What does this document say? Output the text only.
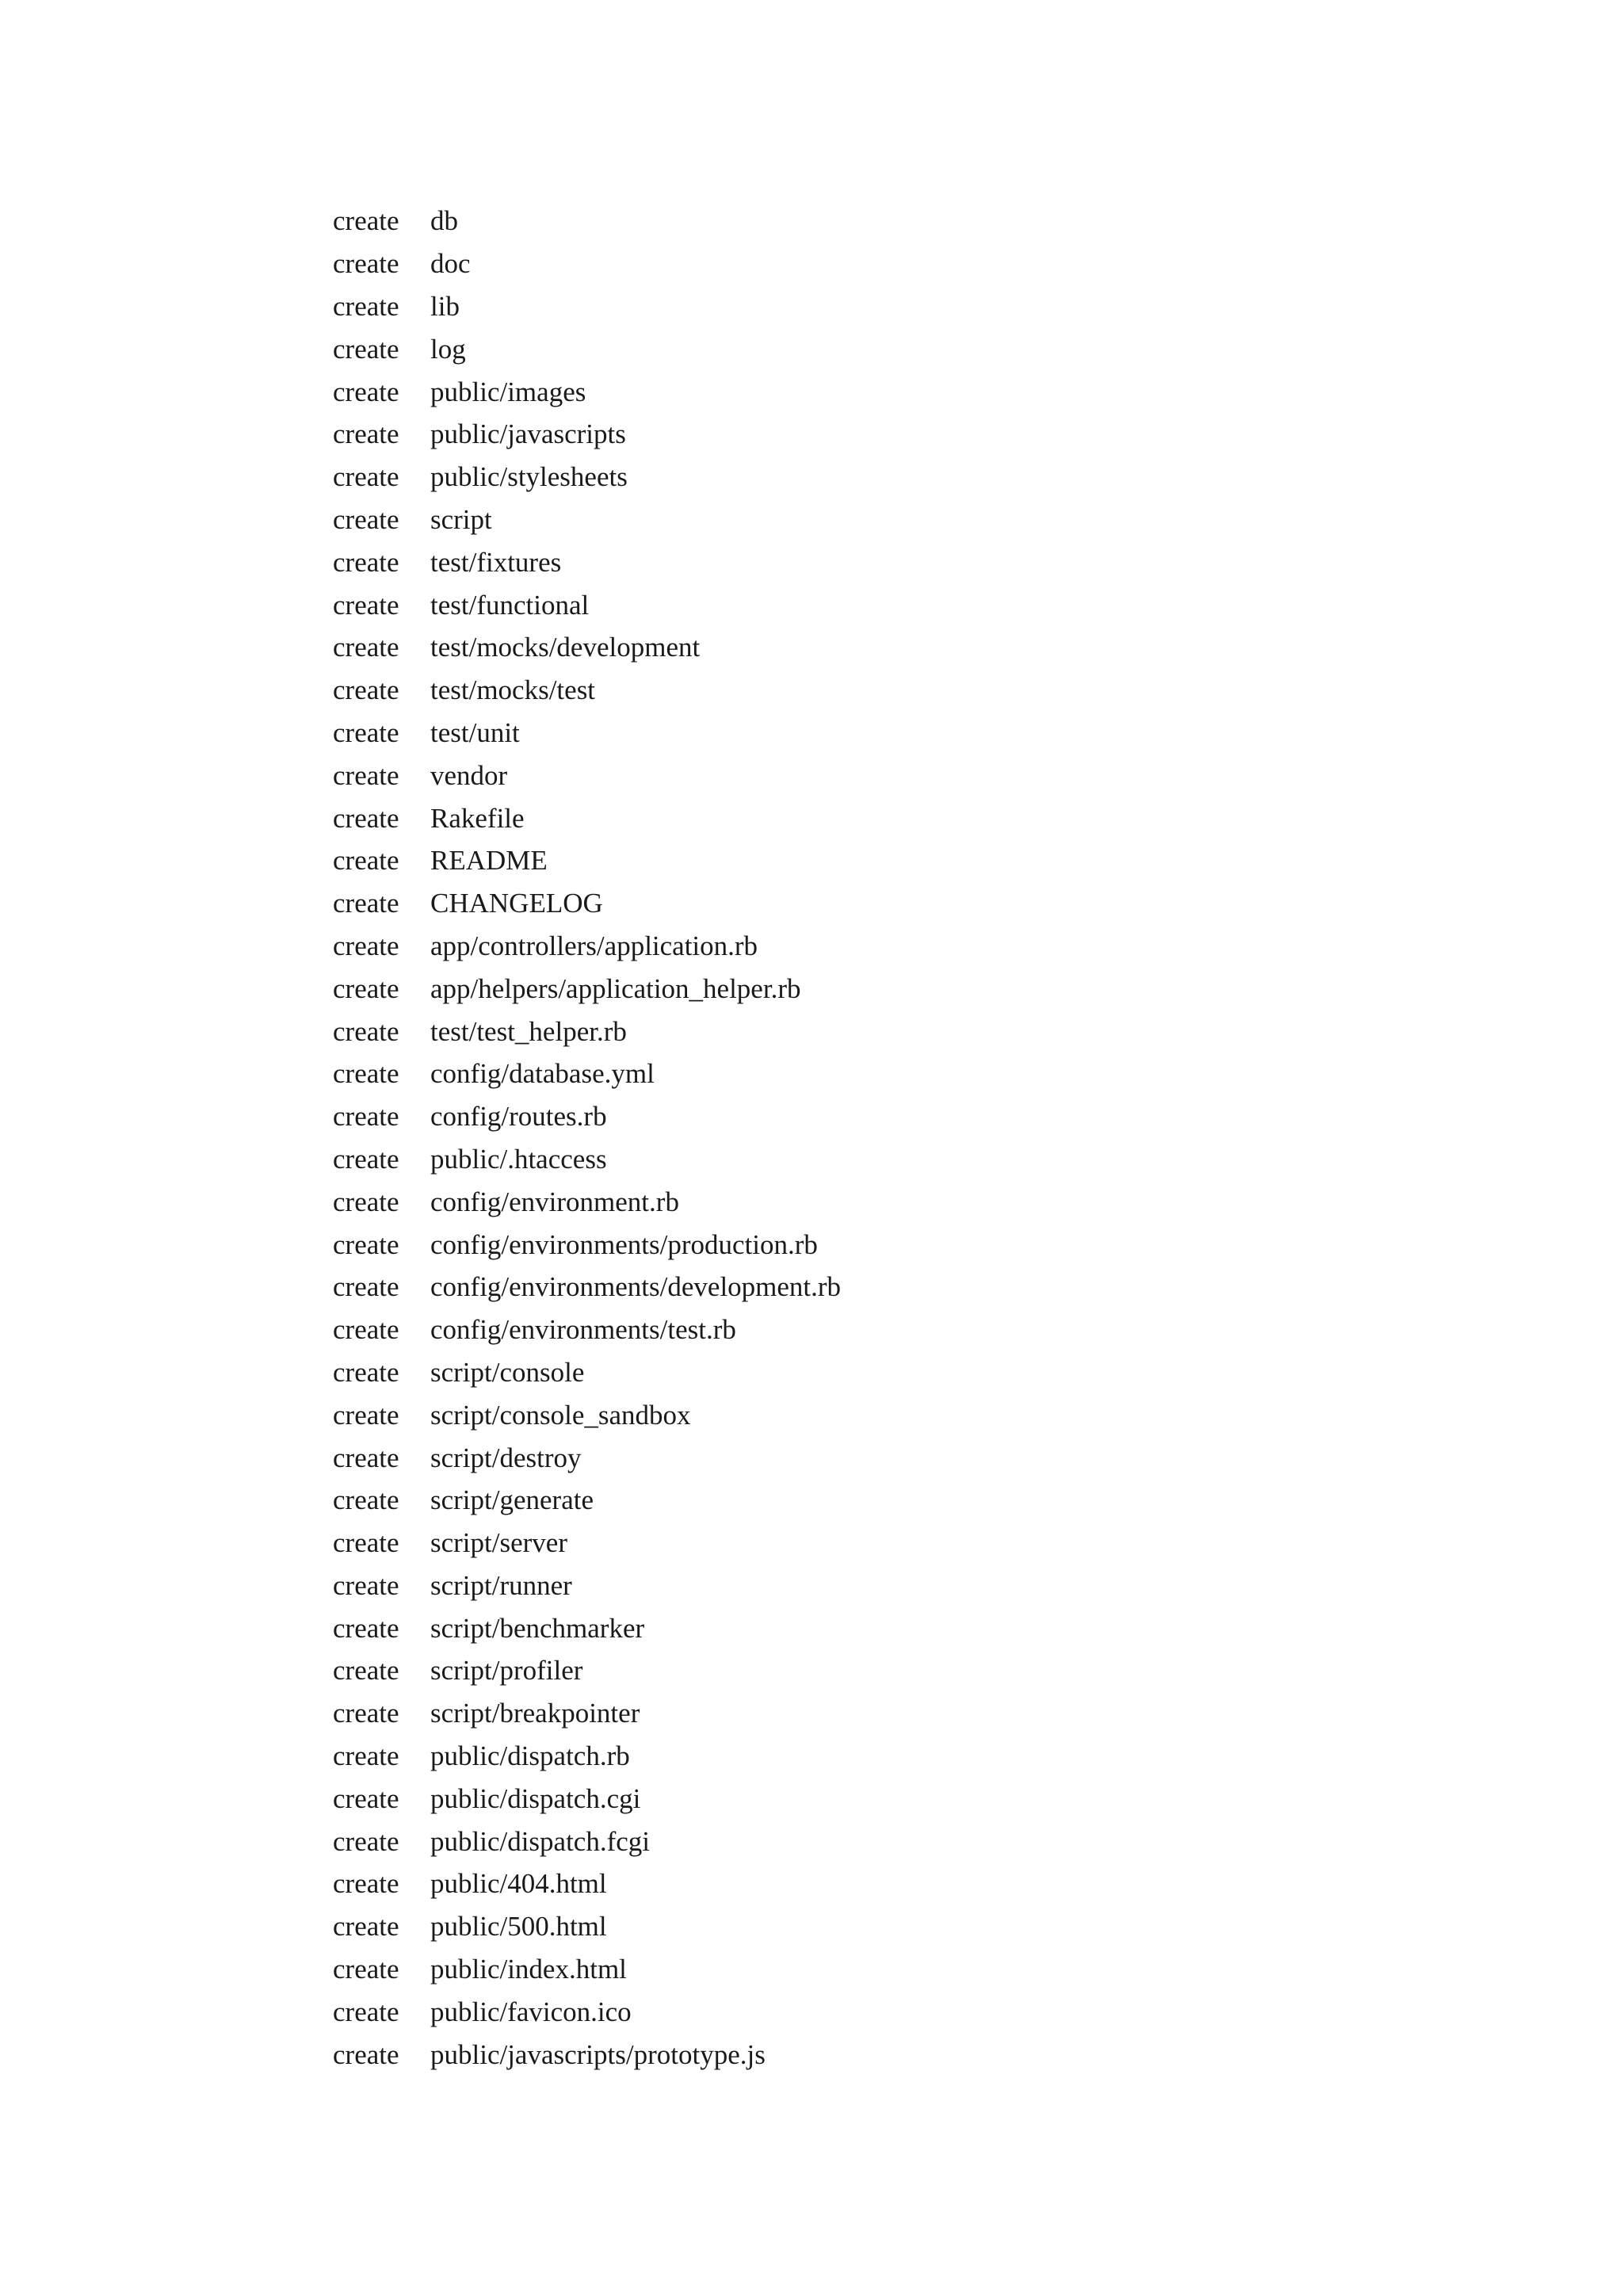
create	db
create	doc
create	lib
create	log
create	public/images
create	public/javascripts
create	public/stylesheets
create	script
create	test/fixtures
create	test/functional
create	test/mocks/development
create	test/mocks/test
create	test/unit
create	vendor
create	Rakefile
create	README
create	CHANGELOG
create	app/controllers/application.rb
create	app/helpers/application_helper.rb
create	test/test_helper.rb
create	config/database.yml
create	config/routes.rb
create	public/.htaccess
create	config/environment.rb
create	config/environments/production.rb
create	config/environments/development.rb
create	config/environments/test.rb
create	script/console
create	script/console_sandbox
create	script/destroy
create	script/generate
create	script/server
create	script/runner
create	script/benchmarker
create	script/profiler
create	script/breakpointer
create	public/dispatch.rb
create	public/dispatch.cgi
create	public/dispatch.fcgi
create	public/404.html
create	public/500.html
create	public/index.html
create	public/favicon.ico
create	public/javascripts/prototype.js
